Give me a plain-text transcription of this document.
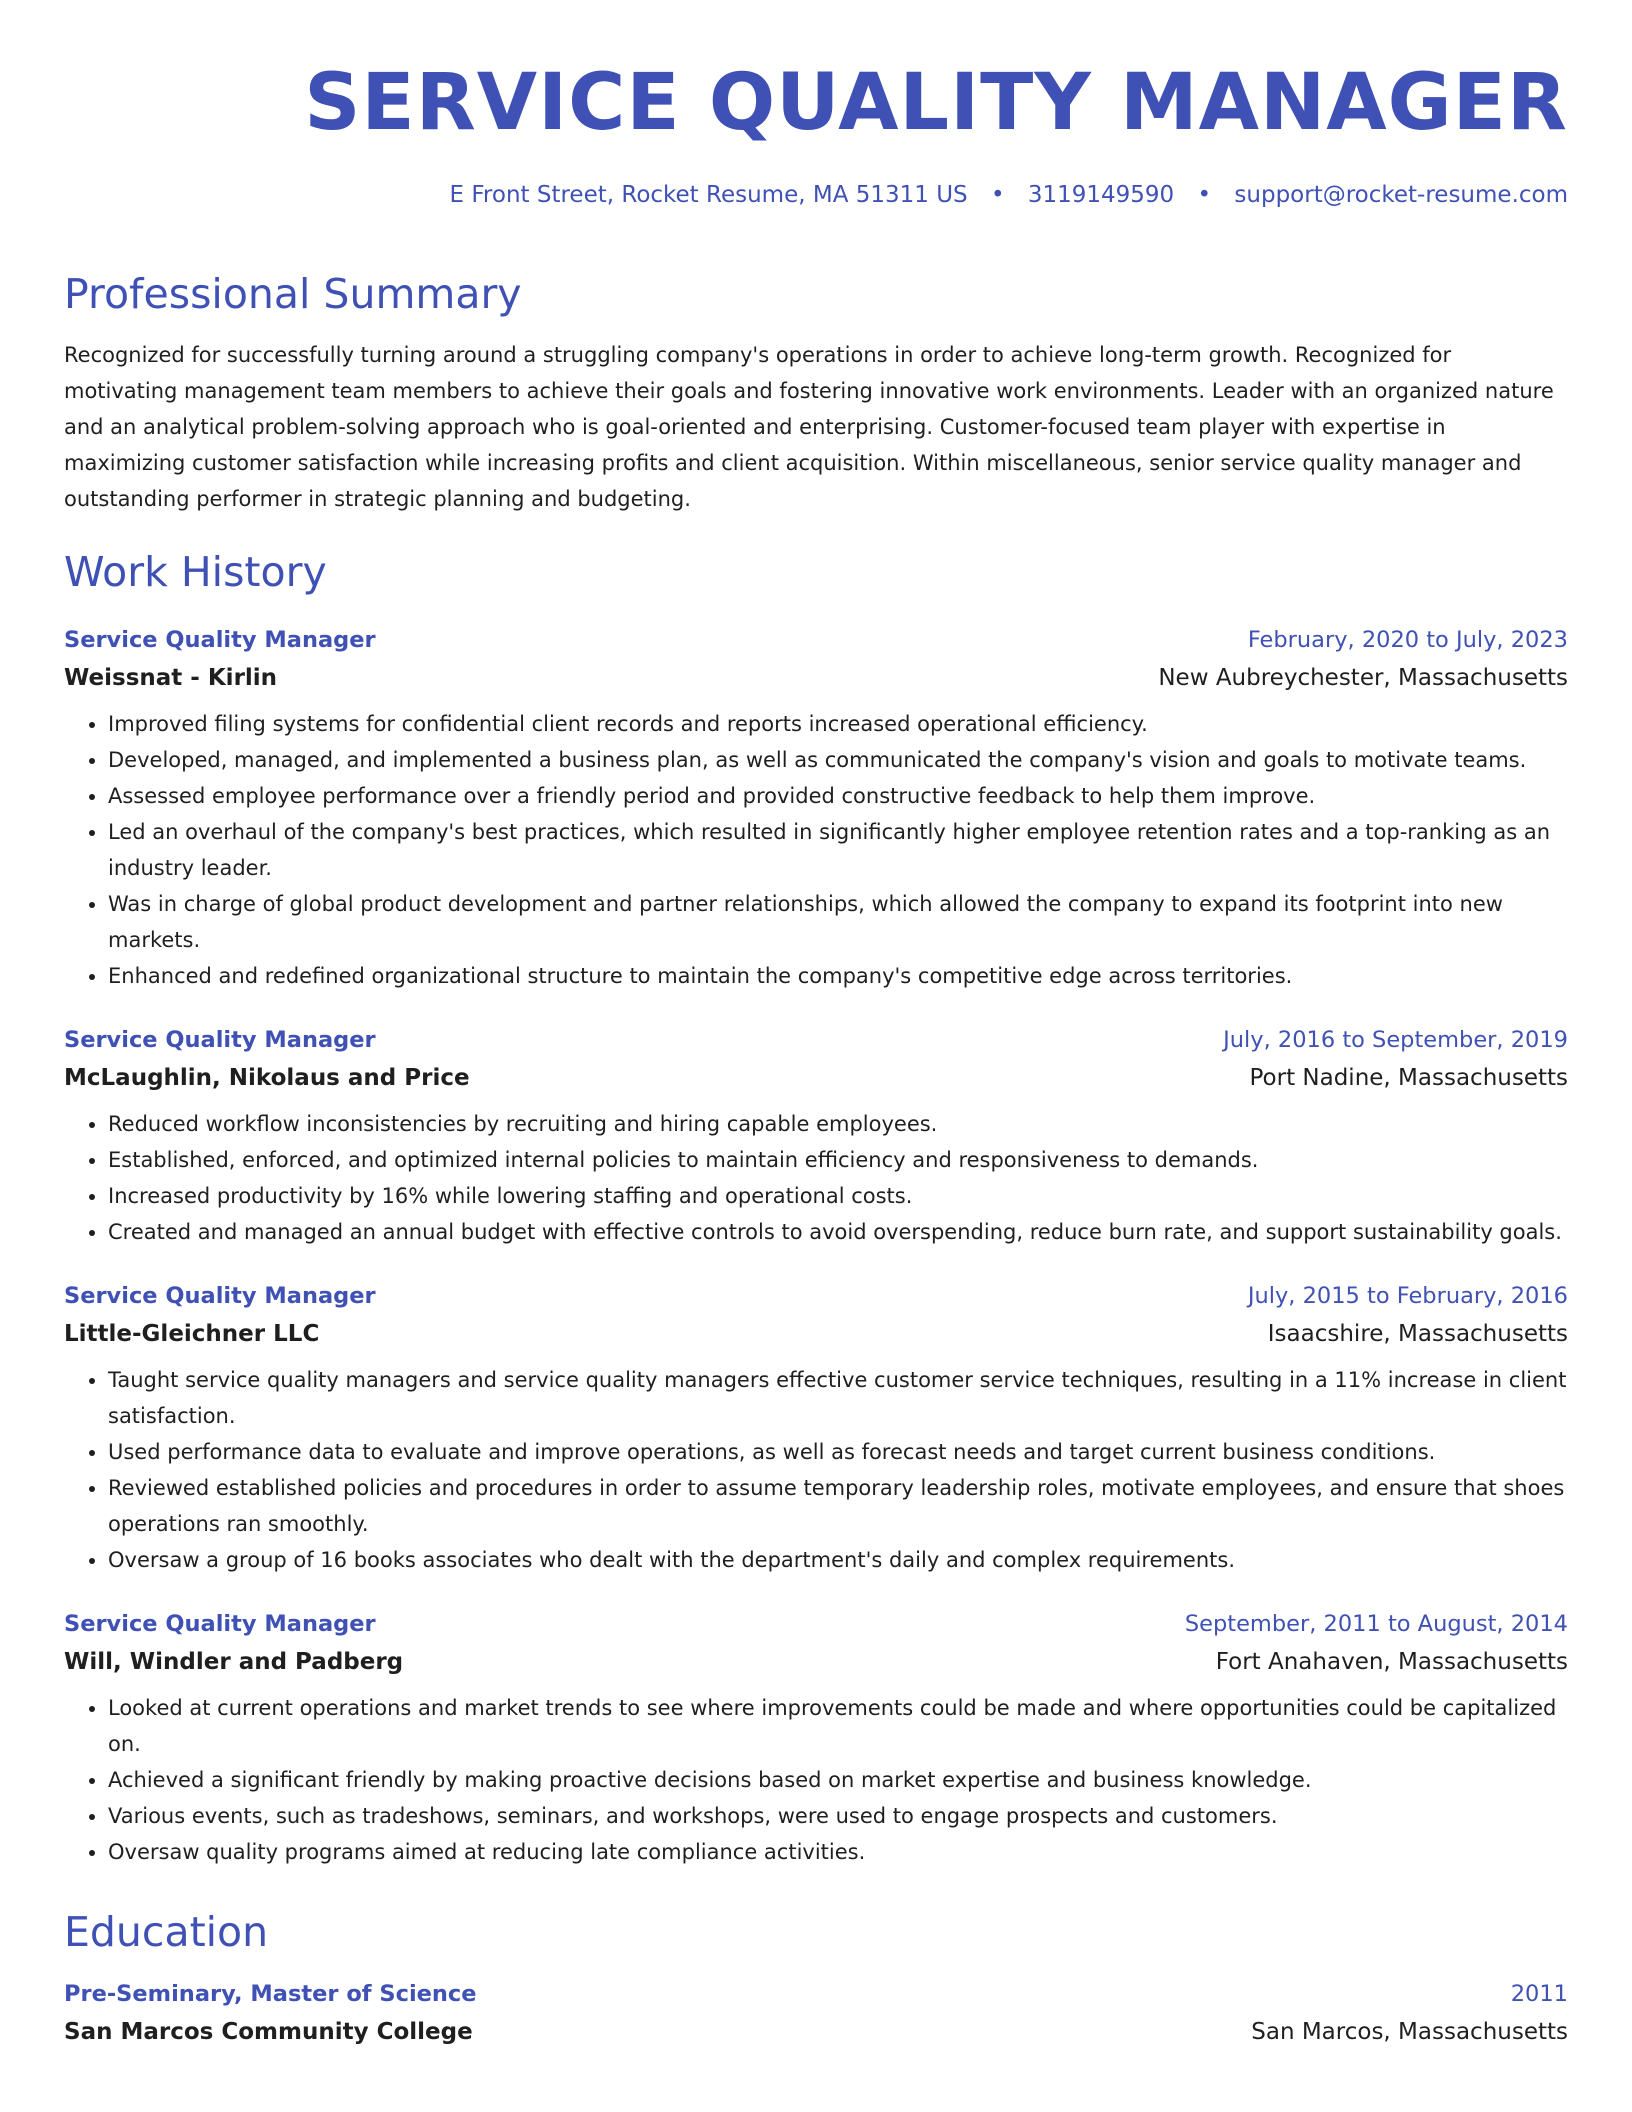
SERVICE QUALITY MANAGER
E Front Street, Rocket Resume, MA 51311 US • 3119149590 • support@rocket-resume.com
Professional Summary
Recognized for successfully turning around a struggling company's operations in order to achieve long-term growth. Recognized for motivating management team members to achieve their goals and fostering innovative work environments. Leader with an organized nature and an analytical problem-solving approach who is goal-oriented and enterprising. Customer-focused team player with expertise in maximizing customer satisfaction while increasing profits and client acquisition. Within miscellaneous, senior service quality manager and outstanding performer in strategic planning and budgeting.
Work History
Service Quality Manager	February, 2020 to July, 2023
Weissnat - Kirlin	New Aubreychester, Massachusetts
• Improved filing systems for confidential client records and reports increased operational efficiency.
• Developed, managed, and implemented a business plan, as well as communicated the company's vision and goals to motivate teams.
• Assessed employee performance over a friendly period and provided constructive feedback to help them improve.
• Led an overhaul of the company's best practices, which resulted in significantly higher employee retention rates and a top-ranking as an industry leader.
• Was in charge of global product development and partner relationships, which allowed the company to expand its footprint into new markets.
• Enhanced and redefined organizational structure to maintain the company's competitive edge across territories.
Service Quality Manager	July, 2016 to September, 2019
McLaughlin, Nikolaus and Price	Port Nadine, Massachusetts
• Reduced workflow inconsistencies by recruiting and hiring capable employees.
• Established, enforced, and optimized internal policies to maintain efficiency and responsiveness to demands.
• Increased productivity by 16% while lowering staffing and operational costs.
• Created and managed an annual budget with effective controls to avoid overspending, reduce burn rate, and support sustainability goals.
Service Quality Manager	July, 2015 to February, 2016
Little-Gleichner LLC	Isaacshire, Massachusetts
• Taught service quality managers and service quality managers effective customer service techniques, resulting in a 11% increase in client satisfaction.
• Used performance data to evaluate and improve operations, as well as forecast needs and target current business conditions.
• Reviewed established policies and procedures in order to assume temporary leadership roles, motivate employees, and ensure that shoes operations ran smoothly.
• Oversaw a group of 16 books associates who dealt with the department's daily and complex requirements.
Service Quality Manager	September, 2011 to August, 2014
Will, Windler and Padberg	Fort Anahaven, Massachusetts
• Looked at current operations and market trends to see where improvements could be made and where opportunities could be capitalized on.
• Achieved a significant friendly by making proactive decisions based on market expertise and business knowledge.
• Various events, such as tradeshows, seminars, and workshops, were used to engage prospects and customers.
• Oversaw quality programs aimed at reducing late compliance activities.
Education
Pre-Seminary, Master of Science	2011
San Marcos Community College	San Marcos, Massachusetts
